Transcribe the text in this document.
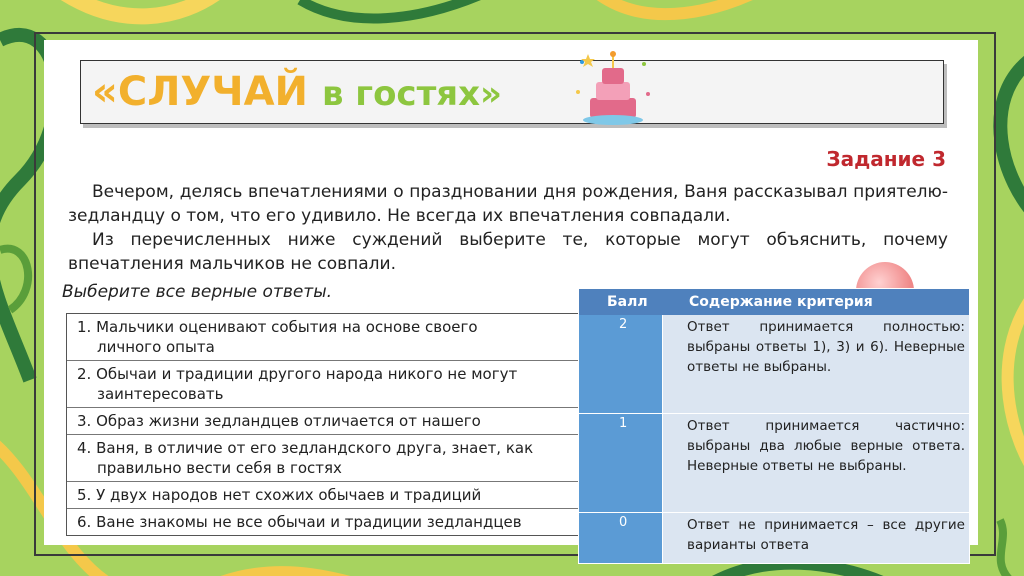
«СЛУЧАЙ в гостях»
Задание 3

Вечером, делясь впечатлениями о праздновании дня рождения, Ваня рассказывал приятелю-зедландцу о том, что его удивило. Не всегда их впечатления совпадали.

Из перечисленных ниже суждений выберите те, которые могут объяснить, почему впечатления мальчиков не совпали.

Выберите все верные ответы.
1. Мальчики оценивают события на основе своего
личного опыта
2. Обычаи и традиции другого народа никого не могут
заинтересовать
3. Образ жизни зедландцев отличается от нашего
4. Ваня, в отличие от его зедландского друга, знает, как
правильно вести себя в гостях
5. У двух народов нет схожих обычаев и традиций
6. Ване знакомы не все обычаи и традиции зедландцев
Балл	Содержание критерия
2	Ответ принимается полностью: выбраны ответы 1), 3) и 6). Неверные ответы не выбраны.
1	Ответ принимается частично: выбраны два любые верные ответа. Неверные ответы не выбраны.
0	Ответ не принимается – все другие варианты ответа
